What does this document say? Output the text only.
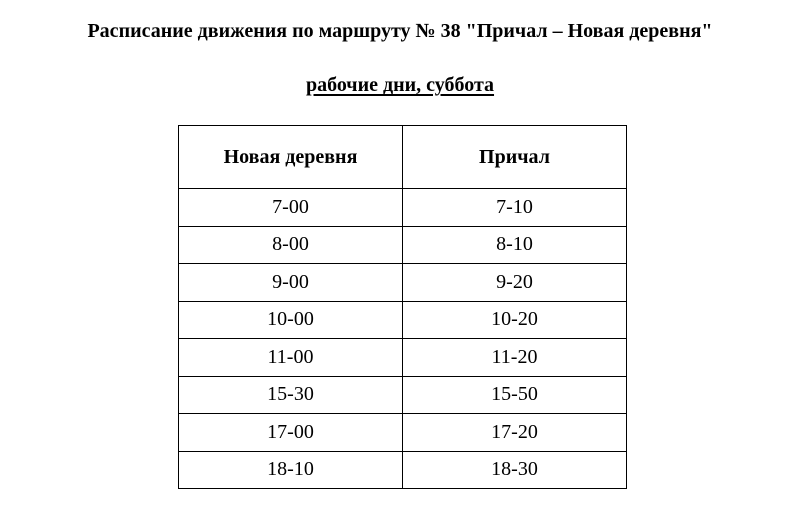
Расписание движения по маршруту № 38 "Причал – Новая деревня"
рабочие дни, суббота
Новая деревня	Причал
7-00	7-10
8-00	8-10
9-00	9-20
10-00	10-20
11-00	11-20
15-30	15-50
17-00	17-20
18-10	18-30
